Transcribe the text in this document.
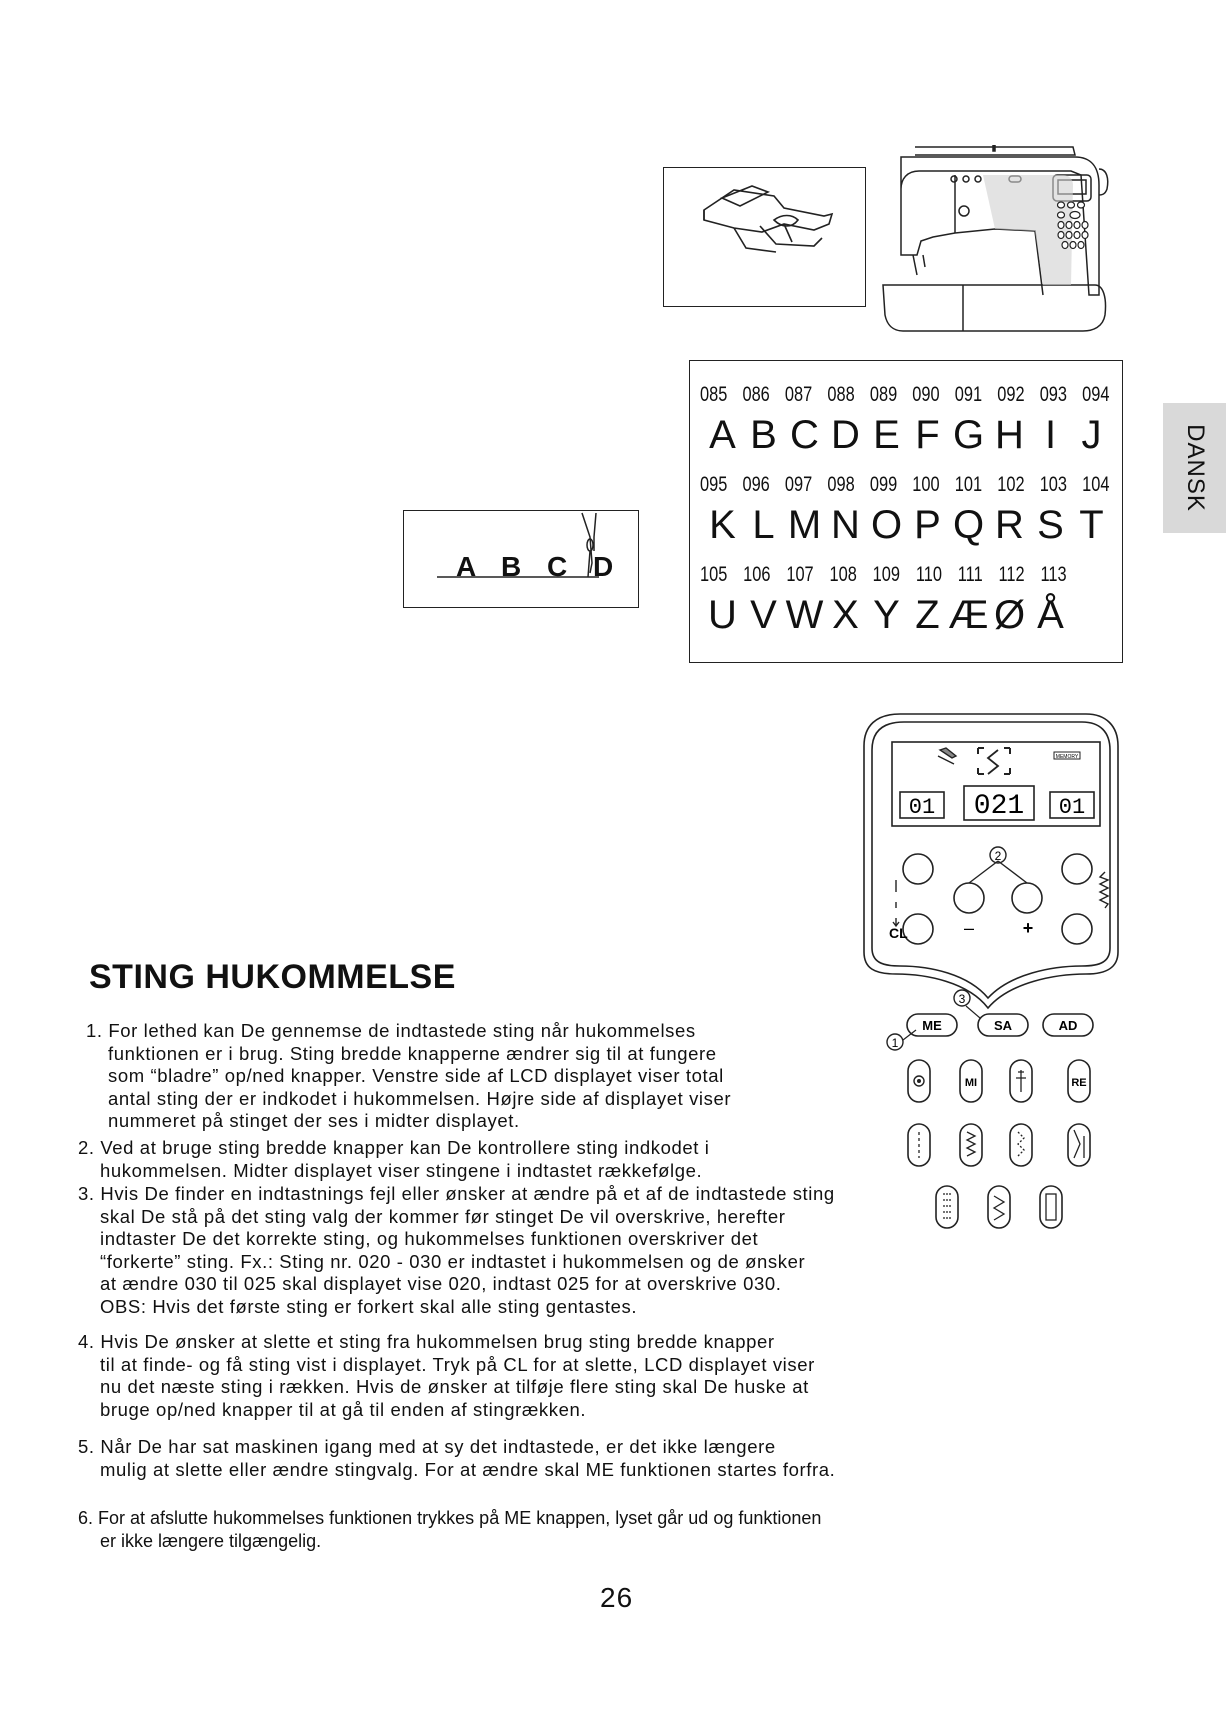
DANSK
085 086 087 088 089 090 091 092 093 094
A B C D E F G H I J
095 096 097 098 099 100 101 102 103 104
K L M N O P Q R S T
105 106 107 108 109 110 111 112 113
U V W X Y Z Æ Ø Å
A B C D
MEMORY
01 021 01
2
CL	–	+
3
ME	SA	AD
1
MI	RE
STING HUKOMMELSE
1. For lethed kan De gennemse de indtastede sting når hukommelses
funktionen er i brug. Sting bredde knapperne ændrer sig til at fungere
som “bladre” op/ned knapper. Venstre side af LCD displayet viser total
antal sting der er indkodet i hukommelsen. Højre side af displayet viser
nummeret på stinget der ses i midter displayet.
2. Ved at bruge sting bredde knapper kan De kontrollere sting indkodet i
hukommelsen. Midter displayet viser stingene i indtastet rækkefølge.
3. Hvis De finder en indtastnings fejl eller ønsker at ændre på et af de indtastede sting
skal De stå på det sting valg der kommer før stinget De vil overskrive, herefter
indtaster De det korrekte sting, og hukommelses funktionen overskriver det
“forkerte” sting. Fx.: Sting nr. 020 - 030 er indtastet i hukommelsen og de ønsker
at ændre 030 til 025 skal displayet vise 020, indtast 025 for at overskrive 030.
OBS: Hvis det første sting er forkert skal alle sting gentastes.
4. Hvis De ønsker at slette et sting fra hukommelsen brug sting bredde knapper
til at finde- og få sting vist i displayet. Tryk på CL for at slette, LCD displayet viser
nu det næste sting i rækken. Hvis de ønsker at tilføje flere sting skal De huske at
bruge op/ned knapper til at gå til enden af stingrækken.
5. Når De har sat maskinen igang med at sy det indtastede, er det ikke længere
mulig at slette eller ændre stingvalg. For at ændre skal ME funktionen startes forfra.
6. For at afslutte hukommelses funktionen trykkes på ME knappen, lyset går ud og funktionen
er ikke længere tilgængelig.
26
